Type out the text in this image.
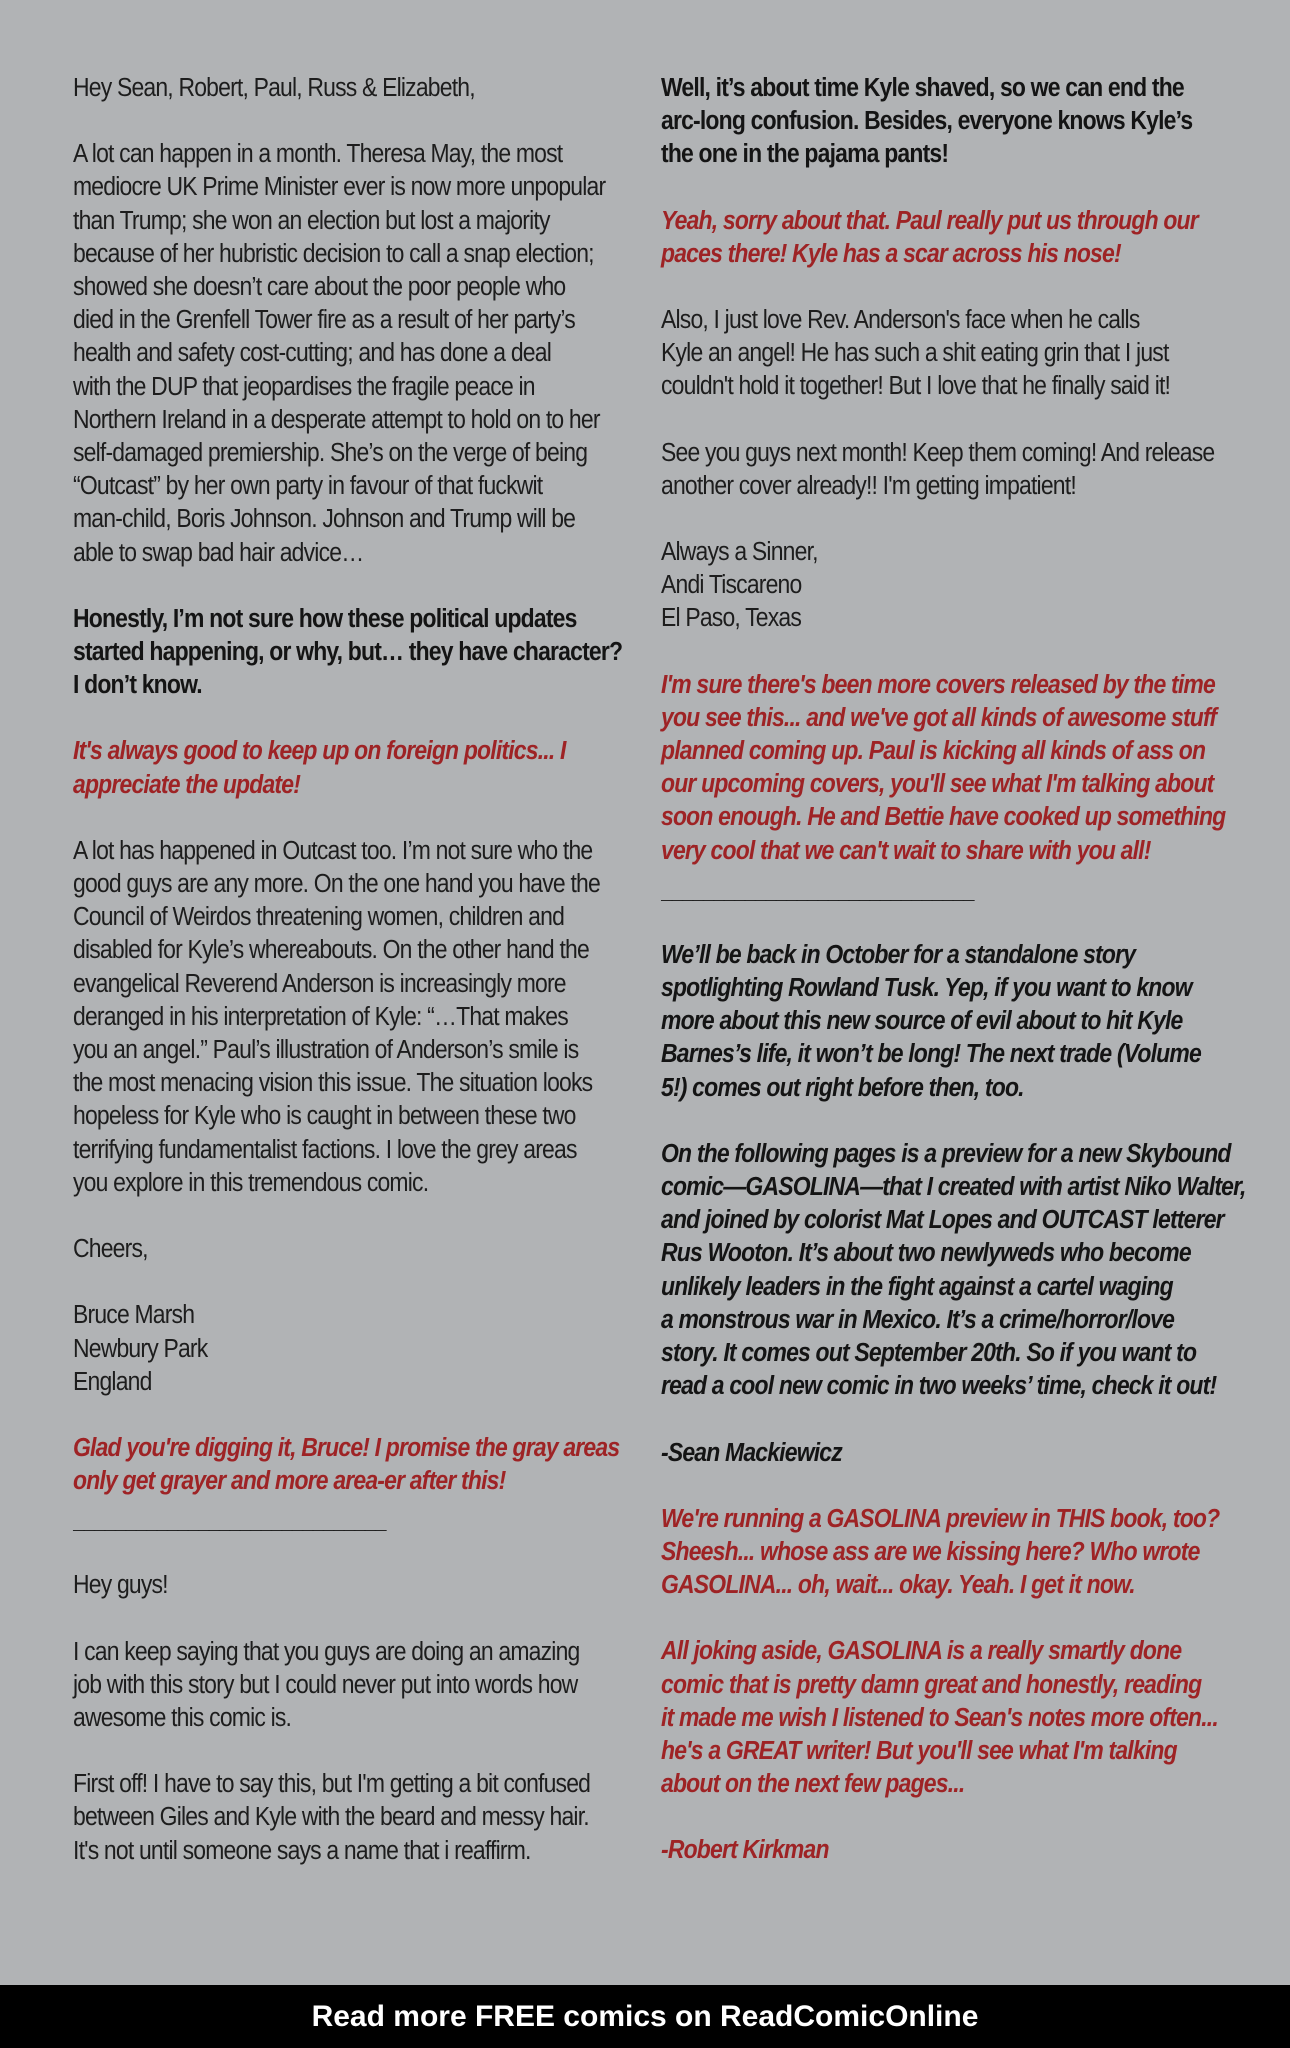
Hey Sean, Robert, Paul, Russ & Elizabeth,
A lot can happen in a month. Theresa May, the most
mediocre UK Prime Minister ever is now more unpopular
than Trump; she won an election but lost a majority
because of her hubristic decision to call a snap election;
showed she doesn’t care about the poor people who
died in the Grenfell Tower fire as a result of her party’s
health and safety cost-cutting; and has done a deal
with the DUP that jeopardises the fragile peace in
Northern Ireland in a desperate attempt to hold on to her
self-damaged premiership. She’s on the verge of being
“Outcast” by her own party in favour of that fuckwit
man-child, Boris Johnson. Johnson and Trump will be
able to swap bad hair advice…
Honestly, I’m not sure how these political updates
started happening, or why, but… they have character?
I don’t know.
It's always good to keep up on foreign politics... I
appreciate the update!
A lot has happened in Outcast too. I’m not sure who the
good guys are any more. On the one hand you have the
Council of Weirdos threatening women, children and
disabled for Kyle’s whereabouts. On the other hand the
evangelical Reverend Anderson is increasingly more
deranged in his interpretation of Kyle: “…That makes
you an angel.” Paul’s illustration of Anderson’s smile is
the most menacing vision this issue. The situation looks
hopeless for Kyle who is caught in between these two
terrifying fundamentalist factions. I love the grey areas
you explore in this tremendous comic.
Cheers,
Bruce Marsh
Newbury Park
England
Glad you're digging it, Bruce! I promise the gray areas
only get grayer and more area-er after this!
______________________________
Hey guys!
I can keep saying that you guys are doing an amazing
job with this story but I could never put into words how
awesome this comic is.
First off! I have to say this, but I'm getting a bit confused
between Giles and Kyle with the beard and messy hair.
It's not until someone says a name that i reaffirm.
Well, it’s about time Kyle shaved, so we can end the
arc-long confusion. Besides, everyone knows Kyle’s
the one in the pajama pants!
Yeah, sorry about that. Paul really put us through our
paces there! Kyle has a scar across his nose!
Also, I just love Rev. Anderson's face when he calls
Kyle an angel! He has such a shit eating grin that I just
couldn't hold it together! But I love that he finally said it!
See you guys next month! Keep them coming! And release
another cover already!! I'm getting impatient!
Always a Sinner,
Andi Tiscareno
El Paso, Texas
I'm sure there's been more covers released by the time
you see this... and we've got all kinds of awesome stuff
planned coming up. Paul is kicking all kinds of ass on
our upcoming covers, you'll see what I'm talking about
soon enough. He and Bettie have cooked up something
very cool that we can't wait to share with you all!
______________________________
We’ll be back in October for a standalone story
spotlighting Rowland Tusk. Yep, if you want to know
more about this new source of evil about to hit Kyle
Barnes’s life, it won’t be long! The next trade (Volume
5!) comes out right before then, too.
On the following pages is a preview for a new Skybound
comic—GASOLINA—that I created with artist Niko Walter,
and joined by colorist Mat Lopes and OUTCAST letterer
Rus Wooton. It’s about two newlyweds who become
unlikely leaders in the fight against a cartel waging
a monstrous war in Mexico. It’s a crime/horror/love
story. It comes out September 20th. So if you want to
read a cool new comic in two weeks’ time, check it out!
-Sean Mackiewicz
We're running a GASOLINA preview in THIS book, too?
Sheesh... whose ass are we kissing here? Who wrote
GASOLINA... oh, wait... okay. Yeah. I get it now.
All joking aside, GASOLINA is a really smartly done
comic that is pretty damn great and honestly, reading
it made me wish I listened to Sean's notes more often...
he's a GREAT writer! But you'll see what I'm talking
about on the next few pages...
-Robert Kirkman
Read more FREE comics on ReadComicOnline
